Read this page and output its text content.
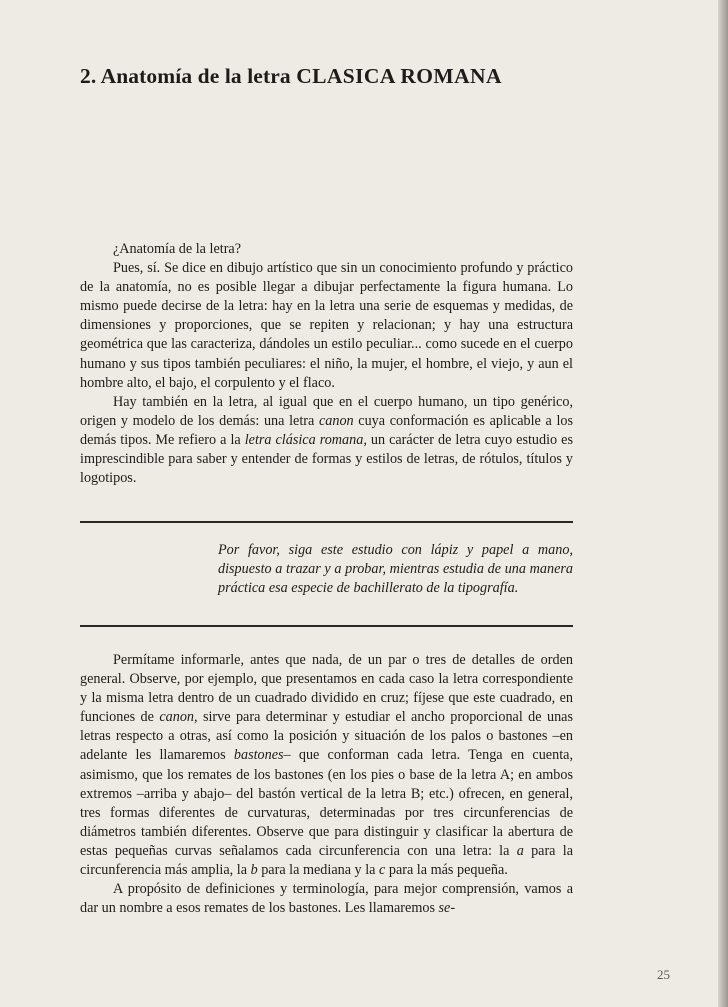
2. Anatomía de la letra CLASICA ROMANA

¿Anatomía de la letra?

Pues, sí. Se dice en dibujo artístico que sin un conocimiento profundo y práctico de la anatomía, no es posible llegar a dibujar perfectamente la figura humana. Lo mismo puede decirse de la letra: hay en la letra una serie de esquemas y medidas, de dimensiones y proporciones, que se repiten y relacionan; y hay una estructura geométrica que las caracteriza, dándoles un estilo peculiar... como sucede en el cuerpo humano y sus tipos también peculiares: el niño, la mujer, el hombre, el viejo, y aun el hombre alto, el bajo, el corpulento y el flaco.

Hay también en la letra, al igual que en el cuerpo humano, un tipo genérico, origen y modelo de los demás: una letra canon cuya conformación es aplicable a los demás tipos. Me refiero a la letra clásica romana, un carácter de letra cuyo estudio es imprescindible para saber y entender de formas y estilos de letras, de rótulos, títulos y logotipos.

Por favor, siga este estudio con lápiz y papel a mano, dispuesto a trazar y a probar, mientras estudia de una manera práctica esa especie de bachillerato de la tipografía.

Permítame informarle, antes que nada, de un par o tres de detalles de orden general. Observe, por ejemplo, que presentamos en cada caso la letra correspondiente y la misma letra dentro de un cuadrado dividido en cruz; fíjese que este cuadrado, en funciones de canon, sirve para determinar y estudiar el ancho proporcional de unas letras respecto a otras, así como la posición y situación de los palos o bastones –en adelante les llamaremos bastones– que conforman cada letra. Tenga en cuenta, asimismo, que los remates de los bastones (en los pies o base de la letra A; en ambos extremos –arriba y abajo– del bastón vertical de la letra B; etc.) ofrecen, en general, tres formas diferentes de curvaturas, determinadas por tres circunferencias de diámetros también diferentes. Observe que para distinguir y clasificar la abertura de estas pequeñas curvas señalamos cada circunferencia con una letra: la a para la circunferencia más amplia, la b para la mediana y la c para la más pequeña.

A propósito de definiciones y terminología, para mejor comprensión, vamos a dar un nombre a esos remates de los bastones. Les llamaremos se-

25
